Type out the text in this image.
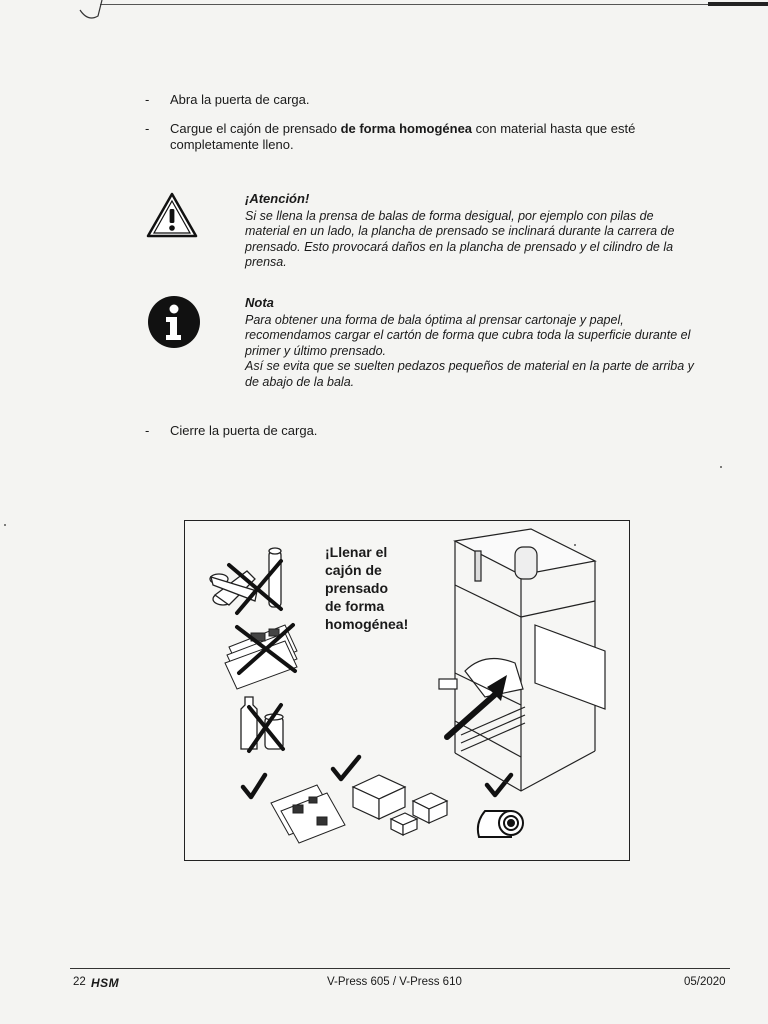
- Abra la puerta de carga.
- Cargue el cajón de prensado de forma homogénea con material hasta que esté completamente lleno.
¡Atención!
Si se llena la prensa de balas de forma desigual, por ejemplo con pilas de material en un lado, la plancha de prensado se inclinará durante la carrera de prensado. Esto provocará daños en la plancha de prensado y el cilindro de la prensa.
Nota

Para obtener una forma de bala óptima al prensar cartonaje y papel, recomendamos cargar el cartón de forma que cubra toda la superficie durante el primer y último prensado.

Así se evita que se suelten pedazos pequeños de material en la parte de arriba y de abajo de la bala.

- Cierre la puerta de carga.
¡Llenar el
cajón de
prensado
de forma
homogénea!
22 HSM	V-Press 605 / V-Press 610	05/2020
